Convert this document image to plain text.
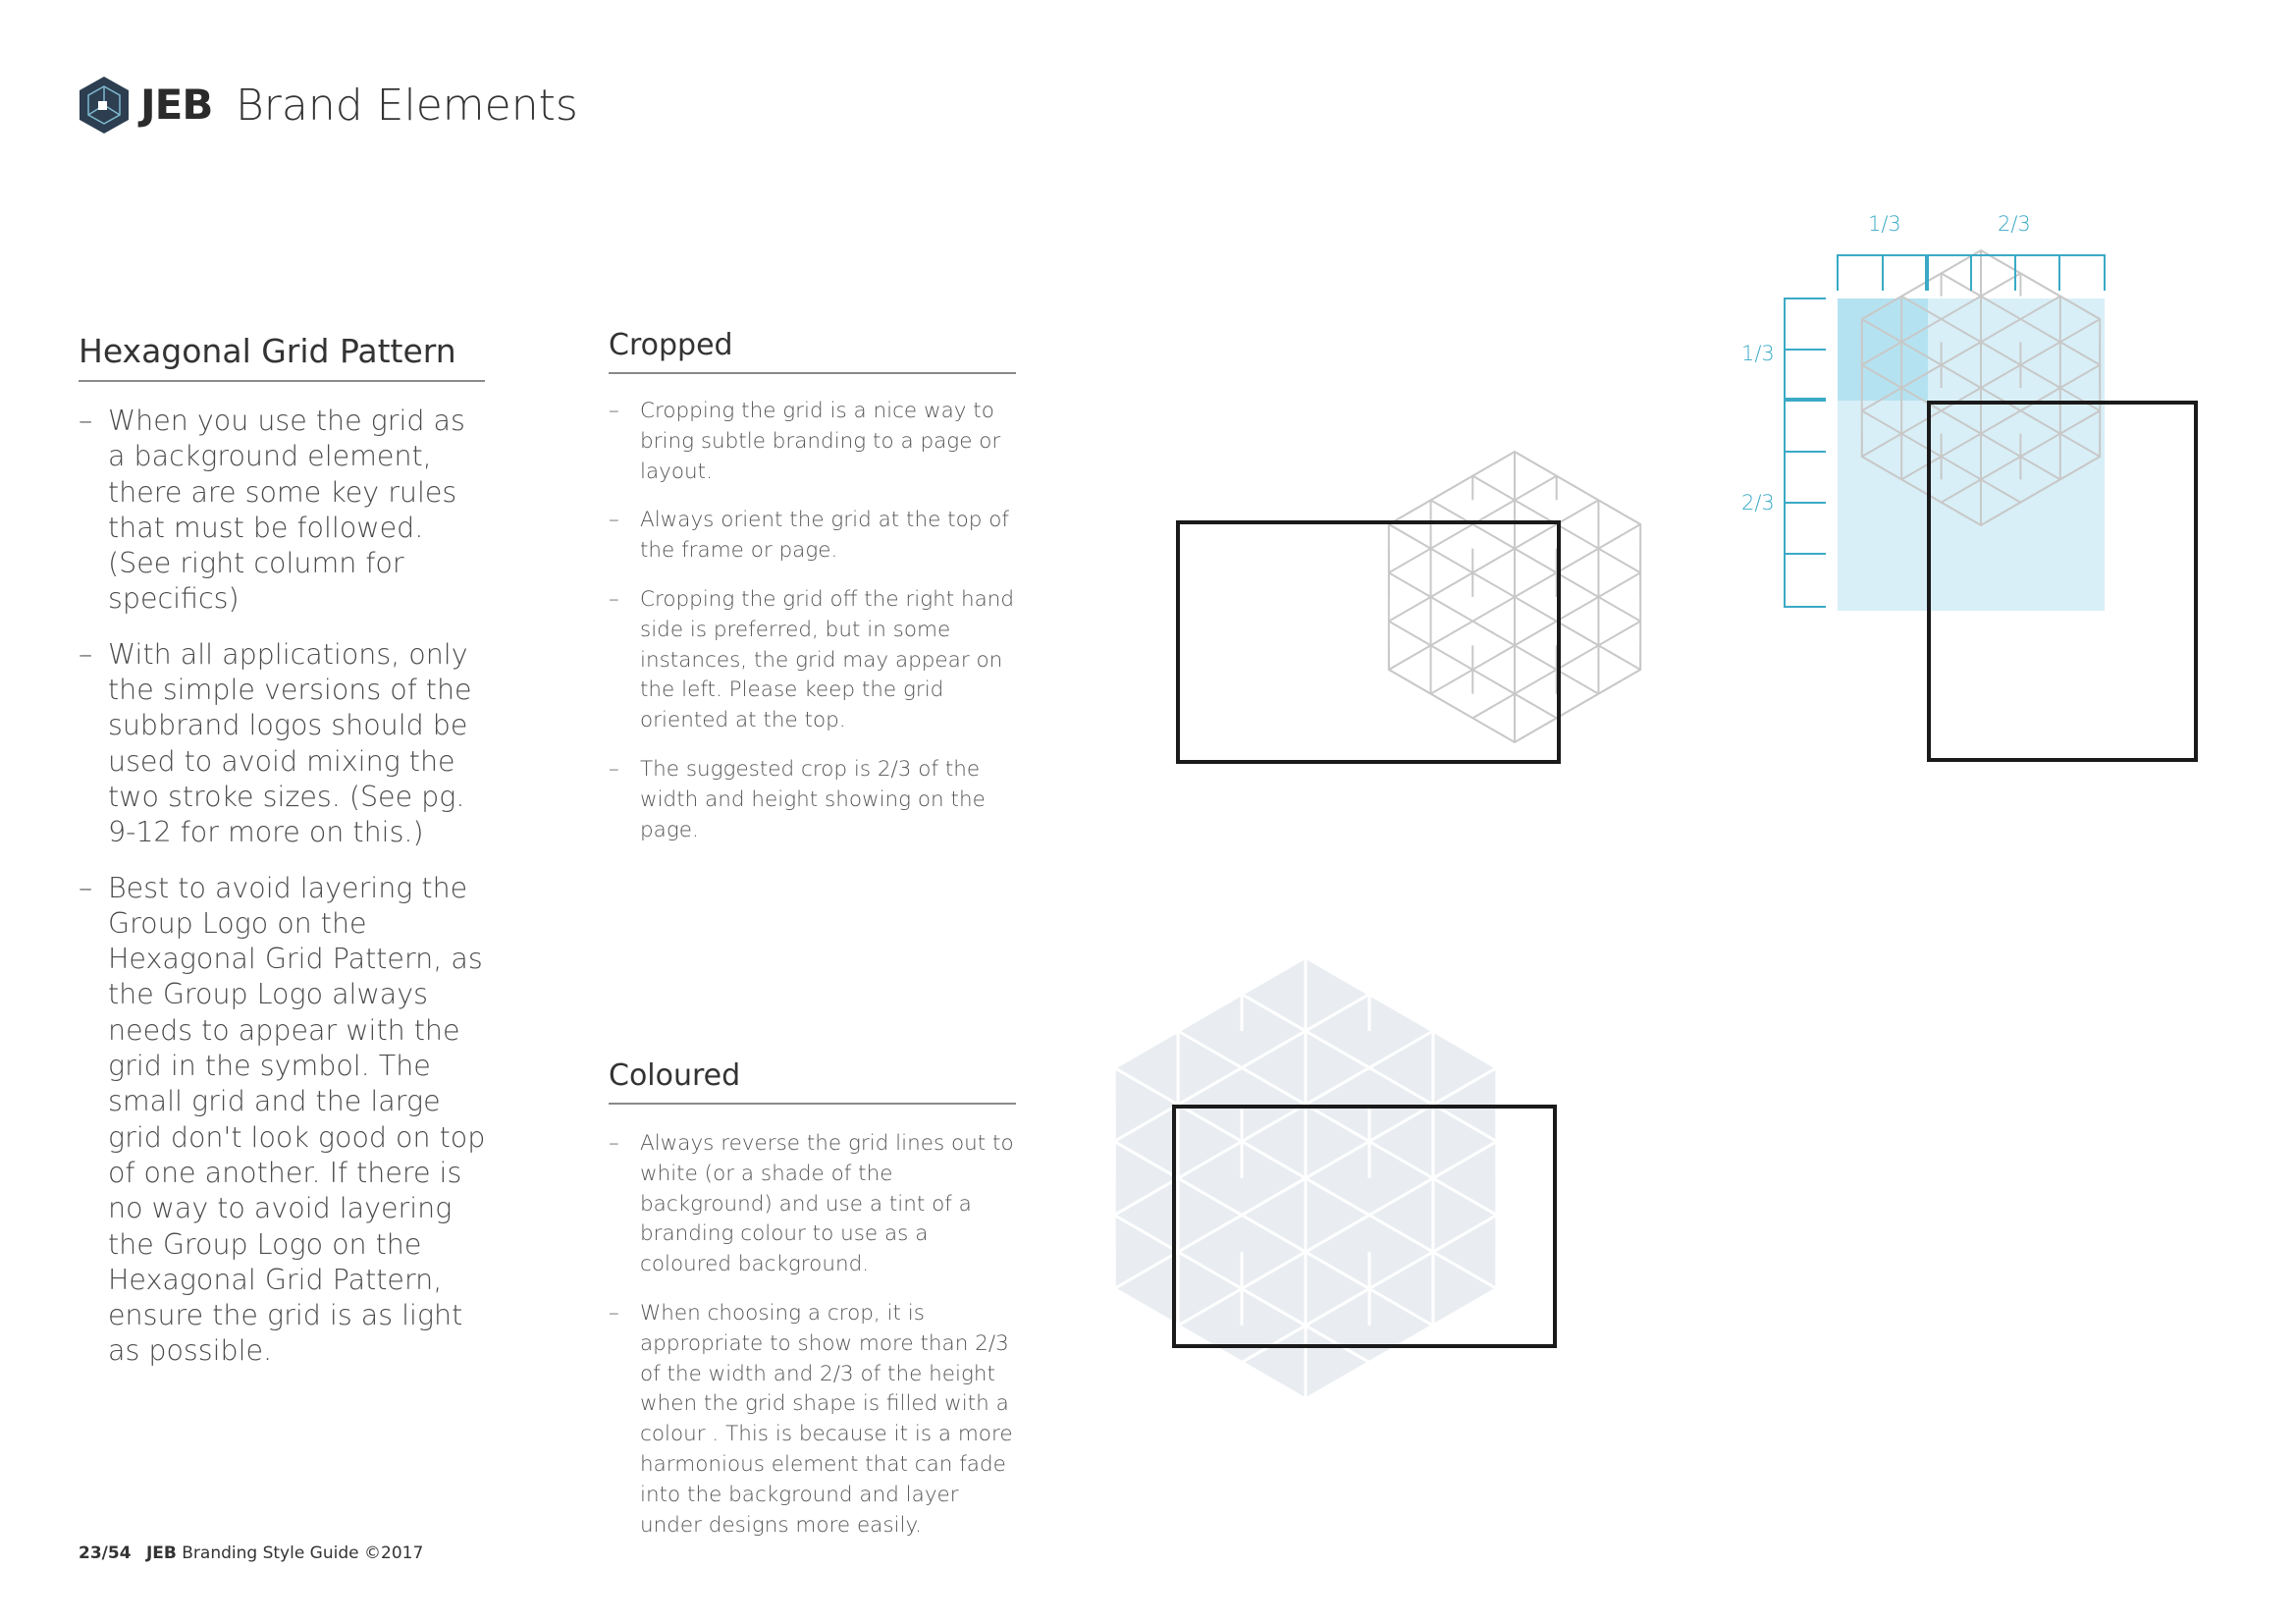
JEB Brand Elements
Hexagonal Grid Pattern
– When you use the grid as a background element, there are some key rules that must be followed. (See right column for specifics)
– With all applications, only the simple versions of the subbrand logos should be used to avoid mixing the two stroke sizes. (See pg. 9-12 for more on this.)
– Best to avoid layering the Group Logo on the Hexagonal Grid Pattern, as the Group Logo always needs to appear with the grid in the symbol. The small grid and the large grid don't look good on top of one another. If there is no way to avoid layering the Group Logo on the Hexagonal Grid Pattern, ensure the grid is as light as possible.
Cropped
– Cropping the grid is a nice way to bring subtle branding to a page or layout.
– Always orient the grid at the top of the frame or page.
– Cropping the grid off the right hand side is preferred, but in some instances, the grid may appear on the left. Please keep the grid oriented at the top.
– The suggested crop is 2/3 of the width and height showing on the page.
Coloured
– Always reverse the grid lines out to white (or a shade of the background) and use a tint of a branding colour to use as a coloured background.
– When choosing a crop, it is appropriate to show more than 2/3 of the width and 2/3 of the height when the grid shape is filled with a colour . This is because it is a more harmonious element that can fade into the background and layer under designs more easily.
1/3	2/3
1/3
2/3
23/54 JEB Branding Style Guide ©2017
